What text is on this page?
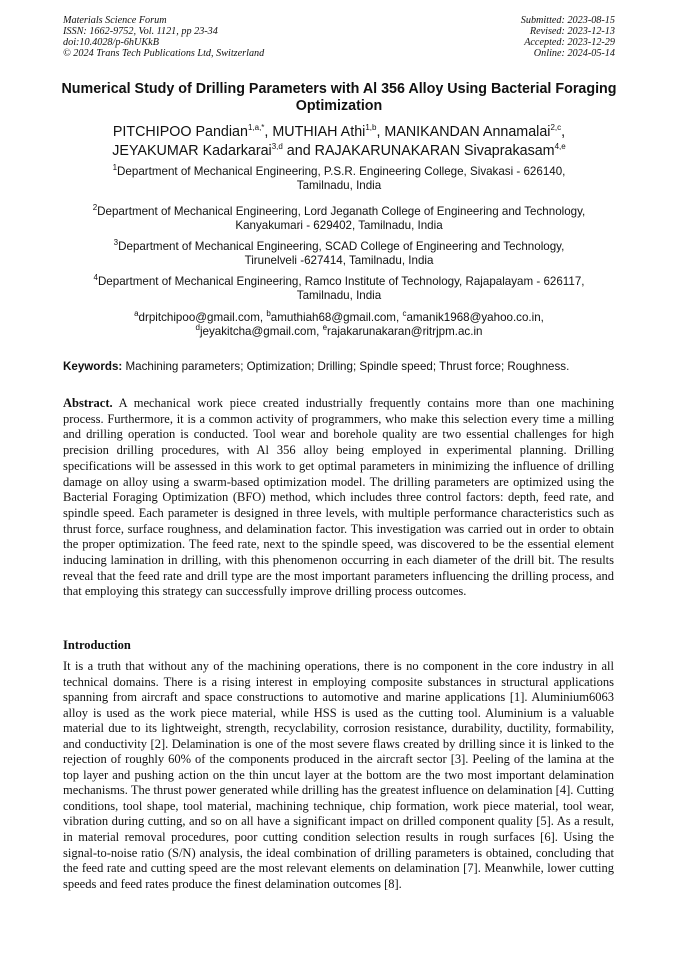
Materials Science Forum
ISSN: 1662-9752, Vol. 1121, pp 23-34
doi:10.4028/p-6hUKkB
© 2024 Trans Tech Publications Ltd, Switzerland
Submitted: 2023-08-15
Revised: 2023-12-13
Accepted: 2023-12-29
Online: 2024-05-14
Numerical Study of Drilling Parameters with Al 356 Alloy Using Bacterial Foraging Optimization
PITCHIPOO Pandian$^{1,a,*}$, MUTHIAH Athi$^{1,b}$, MANIKANDAN Annamalai$^{2,c}$,
JEYAKUMAR Kadarkarai$^{3,d}$ and RAJAKARUNAKARAN Sivaprakasam$^{4,e}$
$^1$Department of Mechanical Engineering, P.S.R. Engineering College, Sivakasi - 626140,
Tamilnadu, India
$^2$Department of Mechanical Engineering, Lord Jeganath College of Engineering and Technology,
Kanyakumari - 629402, Tamilnadu, India
$^3$Department of Mechanical Engineering, SCAD College of Engineering and Technology,
Tirunelveli -627414, Tamilnadu, India
$^4$Department of Mechanical Engineering, Ramco Institute of Technology, Rajapalayam - 626117,
Tamilnadu, India
$^a$drpitchipoo@gmail.com, $^b$amuthiah68@gmail.com, $^c$amanik1968@yahoo.co.in,
$^d$jeyakitcha@gmail.com, $^e$rajakarunakaran@ritrjpm.ac.in
Keywords: Machining parameters; Optimization; Drilling; Spindle speed; Thrust force; Roughness.
Abstract. A mechanical work piece created industrially frequently contains more than one machining process. Furthermore, it is a common activity of programmers, who make this selection every time a milling and drilling operation is conducted. Tool wear and borehole quality are two essential challenges for high precision drilling procedures, with Al 356 alloy being employed in experimental planning. Drilling specifications will be assessed in this work to get optimal parameters in minimizing the influence of drilling damage on alloy using a swarm-based optimization model. The drilling parameters are optimized using the Bacterial Foraging Optimization (BFO) method, which includes three control factors: depth, feed rate, and spindle speed. Each parameter is designed in three levels, with multiple performance characteristics such as thrust force, surface roughness, and delamination factor. This investigation was carried out in order to obtain the proper optimization. The feed rate, next to the spindle speed, was discovered to be the essential element inducing lamination in drilling, with this phenomenon occurring in each diameter of the drill bit. The results reveal that the feed rate and drill type are the most important parameters influencing the drilling process, and that employing this strategy can successfully improve drilling process outcomes.
Introduction
It is a truth that without any of the machining operations, there is no component in the core industry in all technical domains. There is a rising interest in employing composite substances in structural applications spanning from aircraft and space constructions to automotive and marine applications [1]. Aluminium6063 alloy is used as the work piece material, while HSS is used as the cutting tool. Aluminium is a valuable material due to its lightweight, strength, recyclability, corrosion resistance, durability, ductility, formability, and conductivity [2]. Delamination is one of the most severe flaws created by drilling since it is linked to the rejection of roughly 60% of the components produced in the aircraft sector [3]. Peeling of the lamina at the top layer and pushing action on the thin uncut layer at the bottom are the two most important delamination mechanisms. The thrust power generated while drilling has the greatest influence on delamination [4]. Cutting conditions, tool shape, tool material, machining technique, chip formation, work piece material, tool wear, vibration during cutting, and so on all have a significant impact on drilled component quality [5]. As a result, in material removal procedures, poor cutting condition selection results in rough surfaces [6]. Using the signal-to-noise ratio (S/N) analysis, the ideal combination of drilling parameters is obtained, concluding that the feed rate and cutting speed are the most relevant elements on delamination [7]. Meanwhile, lower cutting speeds and feed rates produce the finest delamination outcomes [8].
